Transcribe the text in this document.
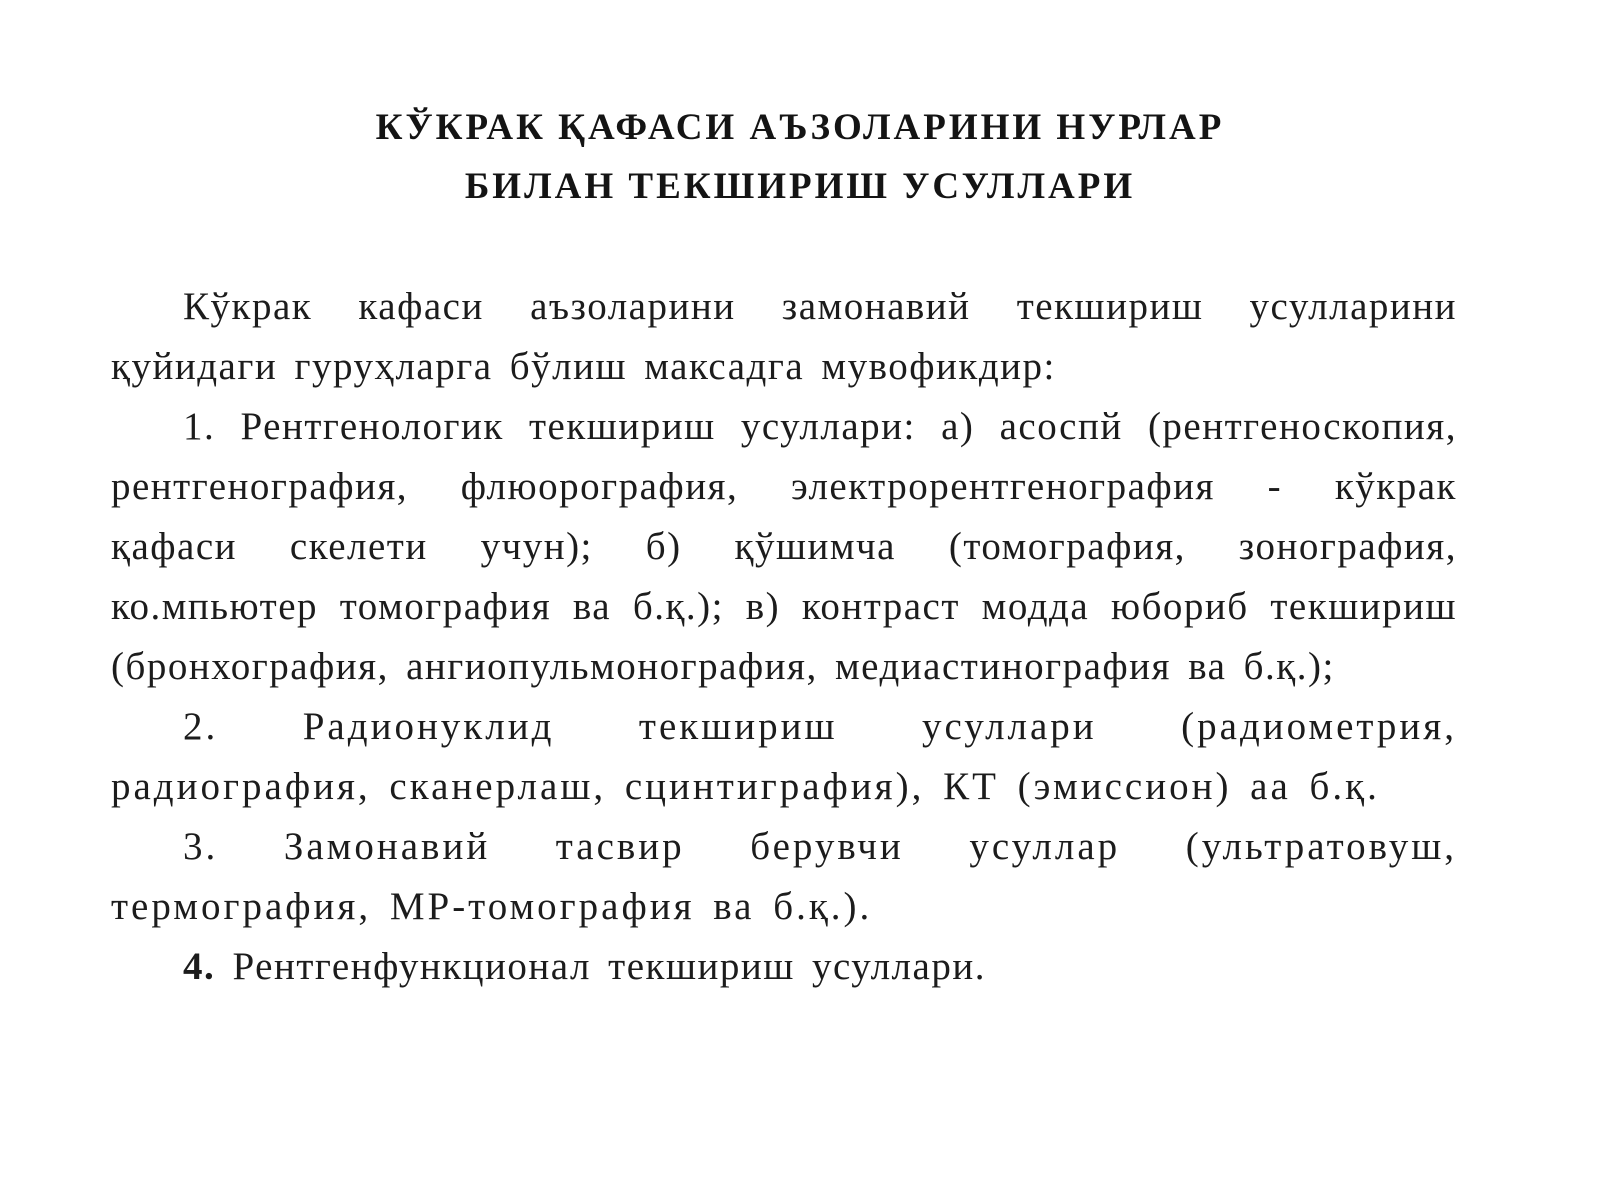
КЎКРАК ҚАФАСИ АЪЗОЛАРИНИ НУРЛАР
БИЛАН ТЕКШИРИШ УСУЛЛАРИ

Кўкрак кафаси аъзоларини замонавий текшириш усулларини қуйидаги гуруҳларга бўлиш максадга мувофикдир:

1. Рентгенологик текшириш усуллари: а) асоспй (рентгеноскопия, рентгенография, флюорография, электрорентгенография - кўкрак қафаси скелети учун); б) қўшимча (томография, зонография, ко.мпьютер томография ва б.қ.); в) контраст модда юбориб текшириш (бронхография, ангиопульмонография, медиастинография ва б.қ.);

2. Радионуклид текшириш усуллари (радиометрия, радиография, сканерлаш, сцинтиграфия), КТ (эмиссион) аа б.қ.

3. Замонавий тасвир берувчи усуллар (ультратовуш, термография, МР-томография ва б.қ.).

4. Рентгенфункционал текшириш усуллари.
